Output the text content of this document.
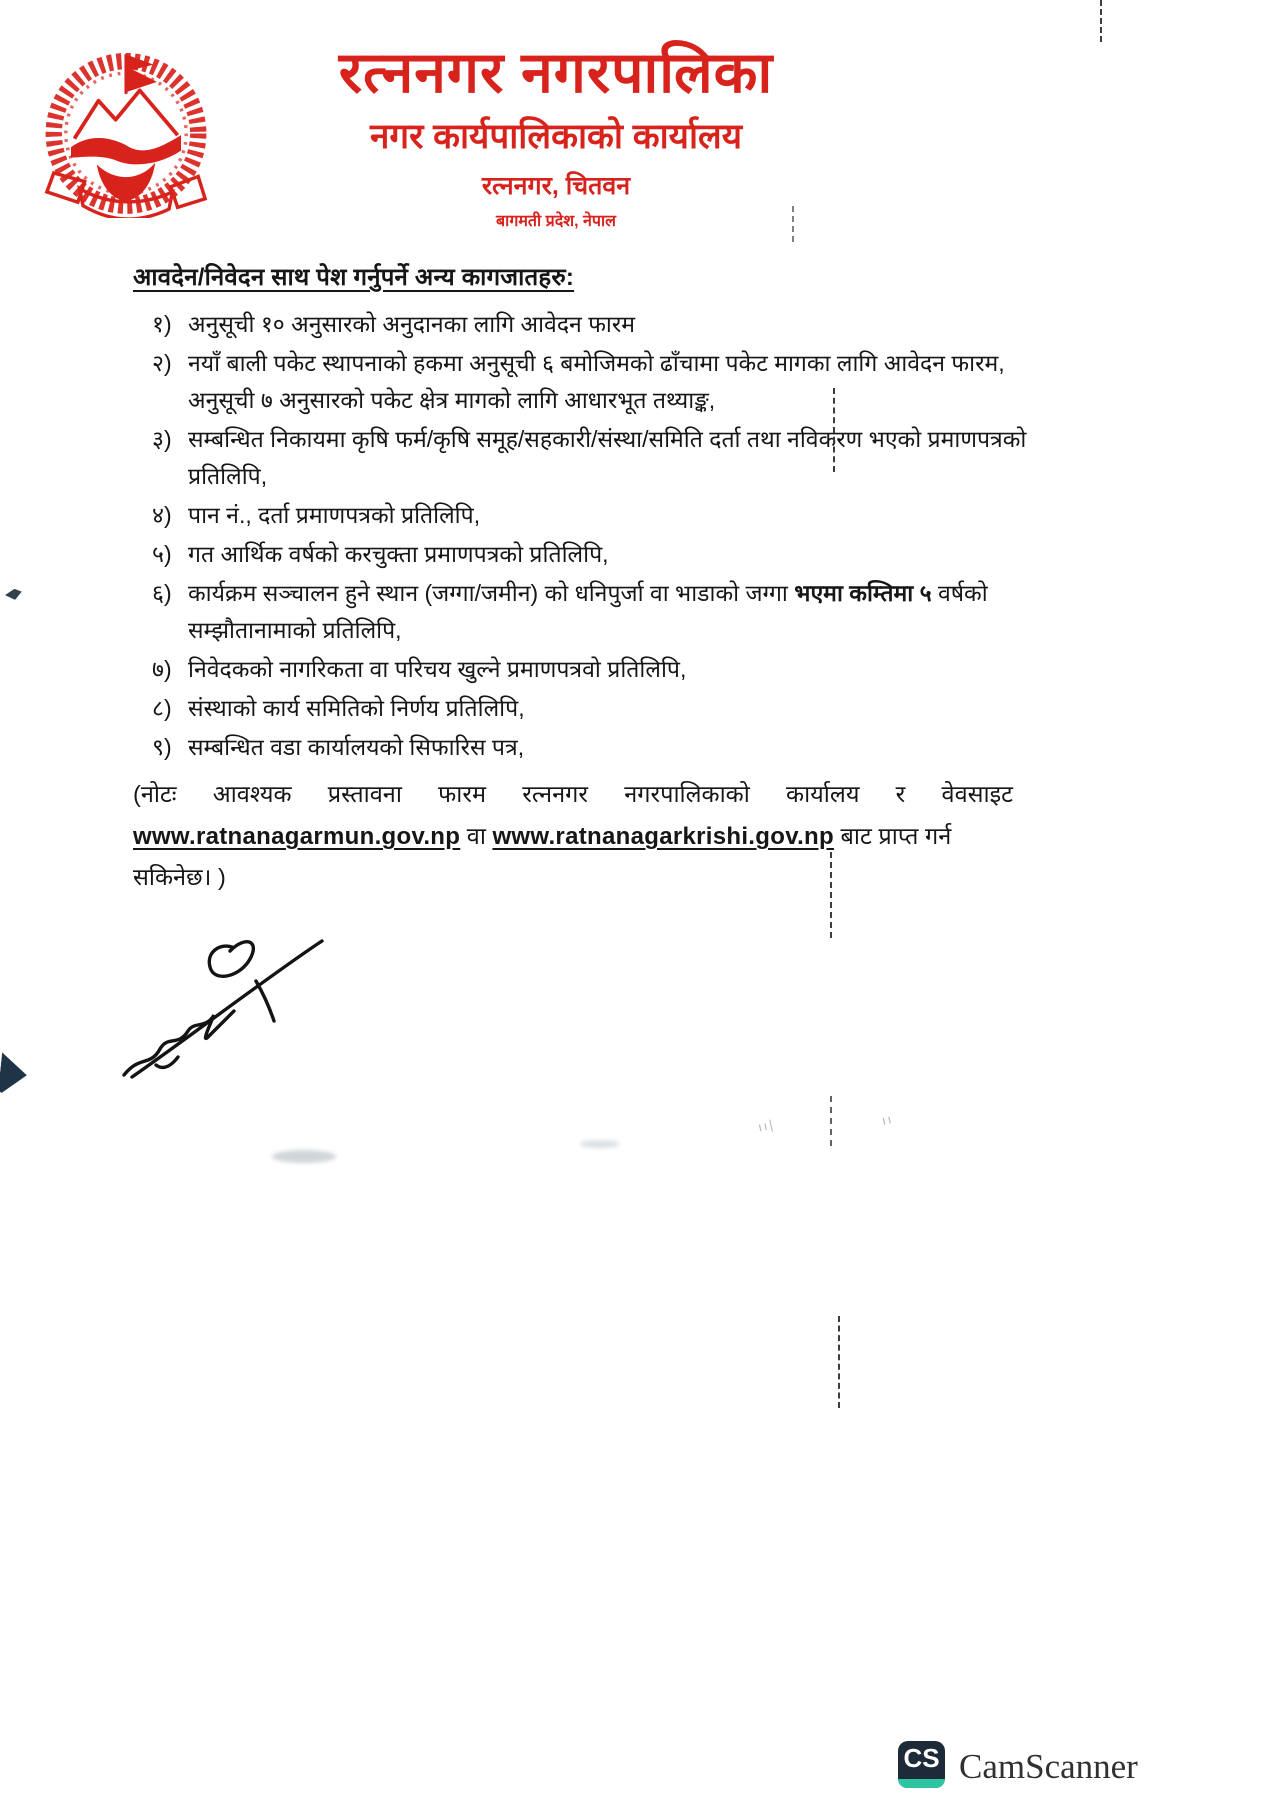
रत्ननगर नगरपालिका
नगर कार्यपालिकाको कार्यालय
रत्ननगर, चितवन
बागमती प्रदेश, नेपाल
आवदेन/निवेदन साथ पेश गर्नुपर्ने अन्य कागजातहरु:
१) अनुसूची १० अनुसारको अनुदानका लागि आवेदन फारम
२) नयाँ बाली पकेट स्थापनाको हकमा अनुसूची ६ बमोजिमको ढाँचामा पकेट मागका लागि आवेदन फारम, अनुसूची ७ अनुसारको पकेट क्षेत्र मागको लागि आधारभूत तथ्याङ्क,
३) सम्बन्धित निकायमा कृषि फर्म/कृषि समूह/सहकारी/संस्था/समिति दर्ता तथा नविकरण भएको प्रमाणपत्रको प्रतिलिपि,
४) पान नं., दर्ता प्रमाणपत्रको प्रतिलिपि,
५) गत आर्थिक वर्षको करचुक्ता प्रमाणपत्रको प्रतिलिपि,
६) कार्यक्रम सञ्चालन हुने स्थान (जग्गा/जमीन) को धनिपुर्जा वा भाडाको जग्गा भएमा कम्तिमा ५ वर्षको सम्झौतानामाको प्रतिलिपि,
७) निवेदकको नागरिकता वा परिचय खुल्ने प्रमाणपत्रवो प्रतिलिपि,
८) संस्थाको कार्य समितिको निर्णय प्रतिलिपि,
९) सम्बन्धित वडा कार्यालयको सिफारिस पत्र,
(नोटः आवश्यक प्रस्तावना फारम रत्ननगर नगरपालिकाको कार्यालय र वेवसाइट
www.ratnanagarmun.gov.np वा www.ratnanagarkrishi.gov.np बाट प्राप्त गर्न सकिनेछ। )
ıı|	ıı
CS CamScanner
